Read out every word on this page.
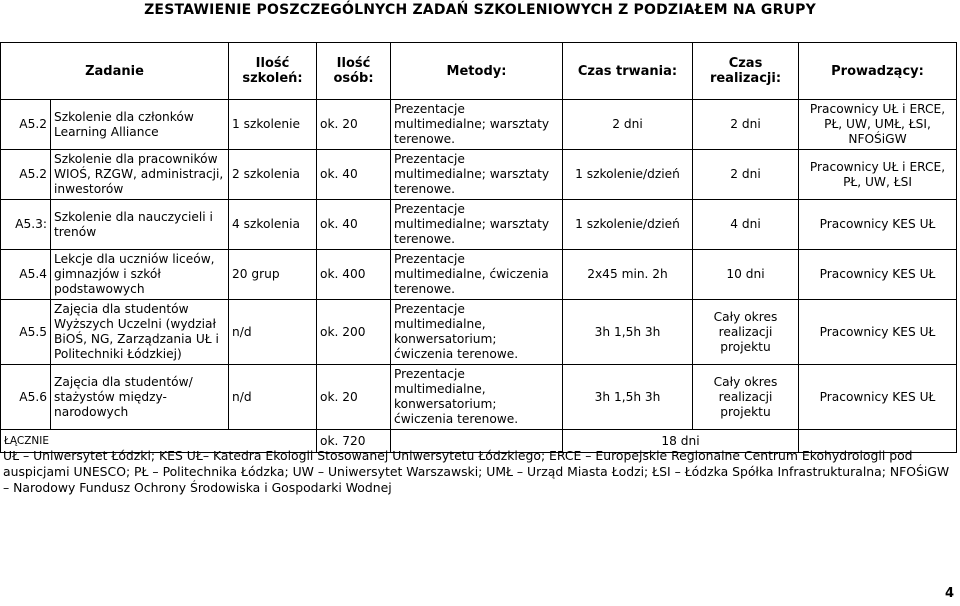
ZESTAWIENIE POSZCZEGÓLNYCH ZADAŃ SZKOLENIOWYCH Z PODZIAŁEM NA GRUPY
Zadanie		Ilość szkoleń:	Ilość osób:	Metody:	Czas trwania:	Czas realizacji:	Prowadzący:
A5.2	Szkolenie dla członków Learning Alliance	1 szkolenie	ok. 20	Prezentacje multimedialne; warsztaty terenowe.	2 dni	2 dni	Pracownicy UŁ i ERCE, PŁ, UW, UMŁ, ŁSI, NFOŚiGW
A5.2	Szkolenie dla pracowników WIOŚ, RZGW, administracji, inwestorów	2 szkolenia	ok. 40	Prezentacje multimedialne; warsztaty terenowe.	1 szkolenie/dzień	2 dni	Pracownicy UŁ i ERCE, PŁ, UW, ŁSI
A5.3:	Szkolenie dla nauczycieli i trenów	4 szkolenia	ok. 40	Prezentacje multimedialne; warsztaty terenowe.	1 szkolenie/dzień	4 dni	Pracownicy KES UŁ
A5.4	Lekcje dla uczniów liceów, gimnazjów i szkół podstawowych	20 grup	ok. 400	Prezentacje multimedialne, ćwiczenia terenowe.	2x45 min. 2h	10 dni	Pracownicy KES UŁ
A5.5	Zajęcia dla studentów Wyższych Uczelni (wydział BiOŚ, NG, Zarządzania UŁ i Politechniki Łódzkiej)	n/d	ok. 200	Prezentacje multimedialne, konwersatorium; ćwiczenia terenowe.	3h 1,5h 3h	Cały okres realizacji projektu	Pracownicy KES UŁ
A5.6	Zajęcia dla studentów/ stażystów między-narodowych	n/d	ok. 20	Prezentacje multimedialne, konwersatorium; ćwiczenia terenowe.	3h 1,5h 3h	Cały okres realizacji projektu	Pracownicy KES UŁ
ŁĄCZNIE			ok. 720		18 dni		
UŁ – Uniwersytet Łódzki; KES UŁ– Katedra Ekologii Stosowanej Uniwersytetu Łódzkiego; ERCE – Europejskie Regionalne Centrum Ekohydrologii pod auspicjami UNESCO; PŁ – Politechnika Łódzka; UW – Uniwersytet Warszawski; UMŁ – Urząd Miasta Łodzi; ŁSI – Łódzka Spółka Infrastrukturalna; NFOŚiGW – Narodowy Fundusz Ochrony Środowiska i Gospodarki Wodnej
4
